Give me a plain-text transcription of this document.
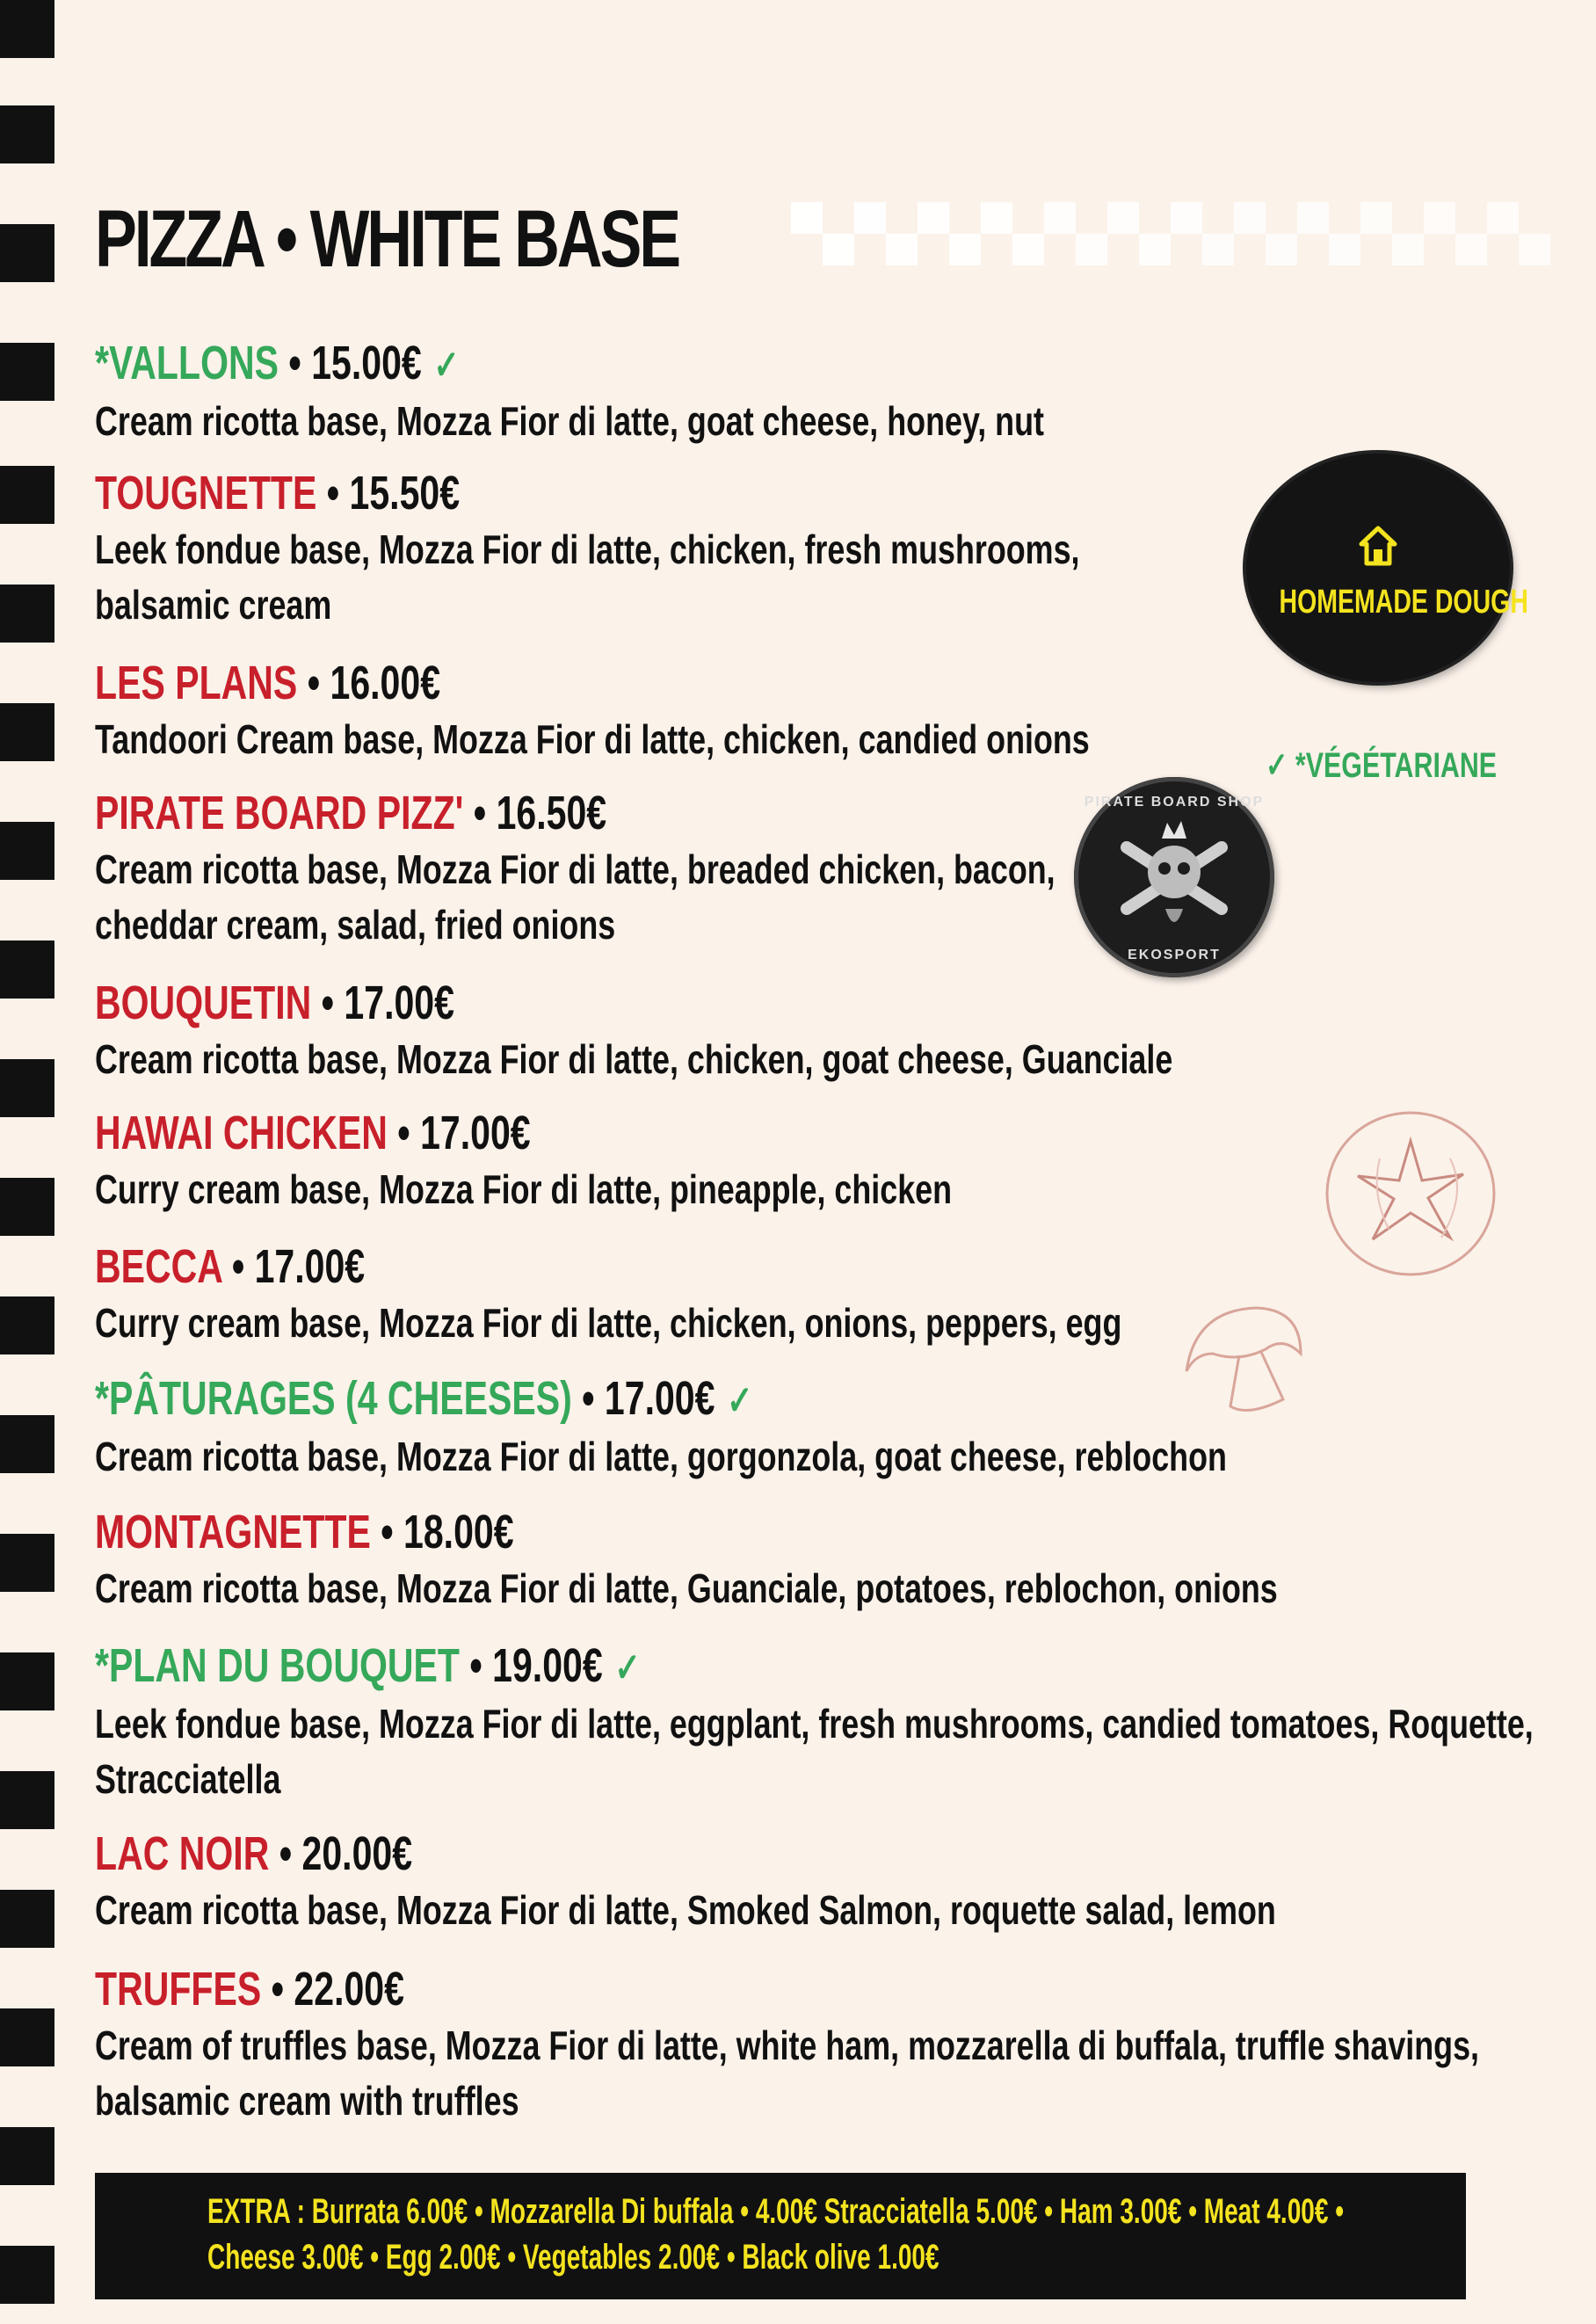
PIZZA • WHITE BASE
*VALLONS • 15.00€ ✓
Cream ricotta base, Mozza Fior di latte, goat cheese, honey, nut
TOUGNETTE • 15.50€
Leek fondue base, Mozza Fior di latte, chicken, fresh mushrooms,
balsamic cream
LES PLANS • 16.00€
Tandoori Cream base, Mozza Fior di latte, chicken, candied onions
PIRATE BOARD PIZZ' • 16.50€
Cream ricotta base, Mozza Fior di latte, breaded chicken, bacon,
cheddar cream, salad, fried onions
BOUQUETIN • 17.00€
Cream ricotta base, Mozza Fior di latte, chicken, goat cheese, Guanciale
HAWAI CHICKEN • 17.00€
Curry cream base, Mozza Fior di latte, pineapple, chicken
BECCA • 17.00€
Curry cream base, Mozza Fior di latte, chicken, onions, peppers, egg
*PÂTURAGES (4 CHEESES) • 17.00€ ✓
Cream ricotta base, Mozza Fior di latte, gorgonzola, goat cheese, reblochon
MONTAGNETTE • 18.00€
Cream ricotta base, Mozza Fior di latte, Guanciale, potatoes, reblochon, onions
*PLAN DU BOUQUET • 19.00€ ✓
Leek fondue base, Mozza Fior di latte, eggplant, fresh mushrooms, candied tomatoes, Roquette,
Stracciatella
LAC NOIR • 20.00€
Cream ricotta base, Mozza Fior di latte, Smoked Salmon, roquette salad, lemon
TRUFFES • 22.00€
Cream of truffles base, Mozza Fior di latte, white ham, mozzarella di buffala, truffle shavings,
balsamic cream with truffles
HOMEMADE DOUGH
✓ *VÉGÉTARIANE
PIRATE BOARD SHOP
EKOSPORT
EXTRA : Burrata 6.00€ • Mozzarella Di buffala • 4.00€ Stracciatella 5.00€ • Ham 3.00€ • Meat 4.00€ •
Cheese 3.00€ • Egg 2.00€ • Vegetables 2.00€ • Black olive 1.00€
